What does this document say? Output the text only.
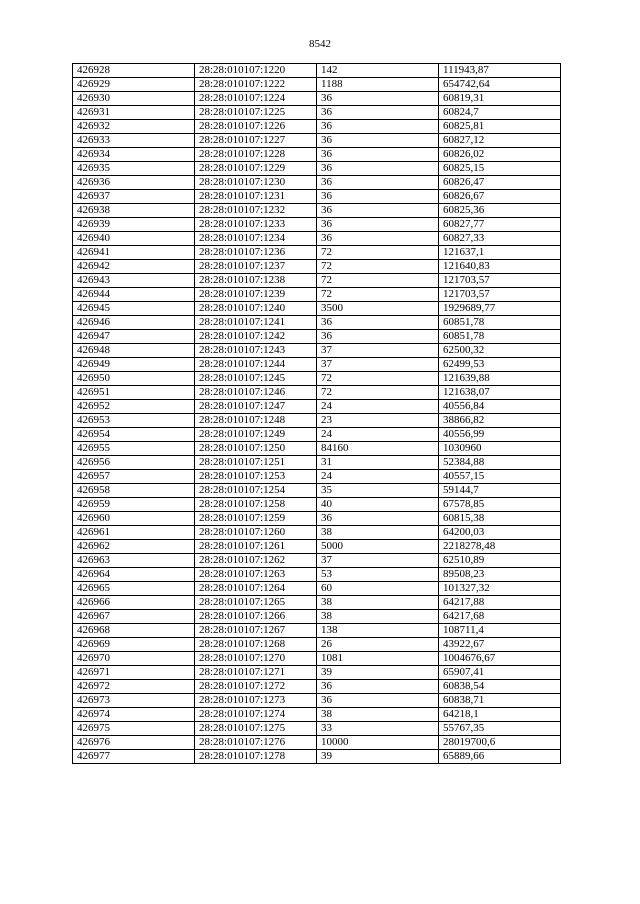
8542
426928	28:28:010107:1220	142	111943,87
426929	28:28:010107:1222	1188	654742,64
426930	28:28:010107:1224	36	60819,31
426931	28:28:010107:1225	36	60824,7
426932	28:28:010107:1226	36	60825,81
426933	28:28:010107:1227	36	60827,12
426934	28:28:010107:1228	36	60826,02
426935	28:28:010107:1229	36	60825,15
426936	28:28:010107:1230	36	60826,47
426937	28:28:010107:1231	36	60826,67
426938	28:28:010107:1232	36	60825,36
426939	28:28:010107:1233	36	60827,77
426940	28:28:010107:1234	36	60827,33
426941	28:28:010107:1236	72	121637,1
426942	28:28:010107:1237	72	121640,83
426943	28:28:010107:1238	72	121703,57
426944	28:28:010107:1239	72	121703,57
426945	28:28:010107:1240	3500	1929689,77
426946	28:28:010107:1241	36	60851,78
426947	28:28:010107:1242	36	60851,78
426948	28:28:010107:1243	37	62500,32
426949	28:28:010107:1244	37	62499,53
426950	28:28:010107:1245	72	121639,88
426951	28:28:010107:1246	72	121638,07
426952	28:28:010107:1247	24	40556,84
426953	28:28:010107:1248	23	38866,82
426954	28:28:010107:1249	24	40556,99
426955	28:28:010107:1250	84160	1030960
426956	28:28:010107:1251	31	52384,88
426957	28:28:010107:1253	24	40557,15
426958	28:28:010107:1254	35	59144,7
426959	28:28:010107:1258	40	67578,85
426960	28:28:010107:1259	36	60815,38
426961	28:28:010107:1260	38	64200,03
426962	28:28:010107:1261	5000	2218278,48
426963	28:28:010107:1262	37	62510,89
426964	28:28:010107:1263	53	89508,23
426965	28:28:010107:1264	60	101327,32
426966	28:28:010107:1265	38	64217,88
426967	28:28:010107:1266	38	64217,68
426968	28:28:010107:1267	138	108711,4
426969	28:28:010107:1268	26	43922,67
426970	28:28:010107:1270	1081	1004676,67
426971	28:28:010107:1271	39	65907,41
426972	28:28:010107:1272	36	60838,54
426973	28:28:010107:1273	36	60838,71
426974	28:28:010107:1274	38	64218,1
426975	28:28:010107:1275	33	55767,35
426976	28:28:010107:1276	10000	28019700,6
426977	28:28:010107:1278	39	65889,66
